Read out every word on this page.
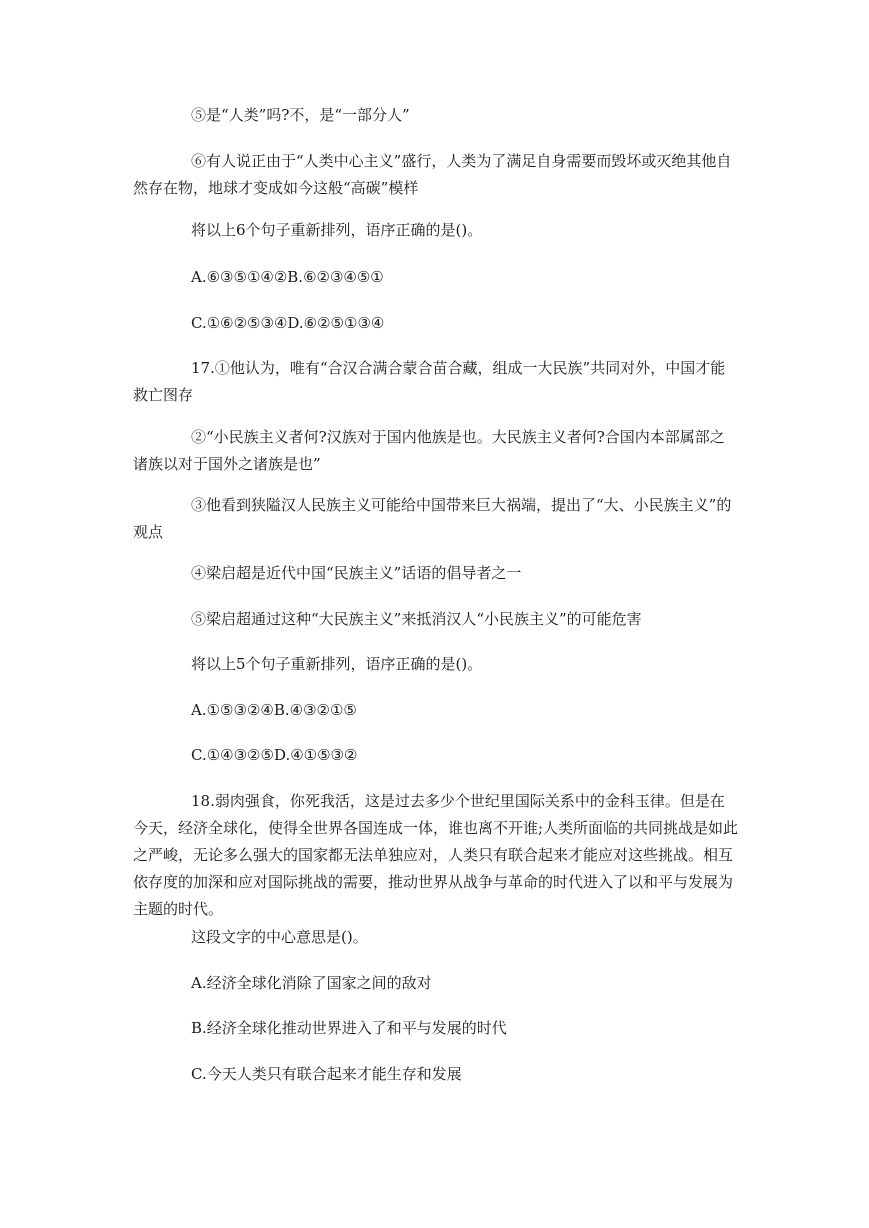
⑤是“人类”吗?不，是“一部分人”

⑥有人说正由于“人类中心主义”盛行，人类为了满足自身需要而毁坏或灭绝其他自然存在物，地球才变成如今这般“高碳”模样

将以上6个句子重新排列，语序正确的是()。

A.⑥③⑤①④②B.⑥②③④⑤①

C.①⑥②⑤③④D.⑥②⑤①③④

17.①他认为，唯有“合汉合满合蒙合苗合藏，组成一大民族”共同对外，中国才能救亡图存

②“小民族主义者何?汉族对于国内他族是也。大民族主义者何?合国内本部属部之诸族以对于国外之诸族是也”

③他看到狭隘汉人民族主义可能给中国带来巨大祸端，提出了“大、小民族主义”的观点

④梁启超是近代中国“民族主义”话语的倡导者之一

⑤梁启超通过这种“大民族主义”来抵消汉人“小民族主义”的可能危害

将以上5个句子重新排列，语序正确的是()。

A.①⑤③②④B.④③②①⑤

C.①④③②⑤D.④①⑤③②

18.弱肉强食，你死我活，这是过去多少个世纪里国际关系中的金科玉律。但是在今天，经济全球化，使得全世界各国连成一体，谁也离不开谁;人类所面临的共同挑战是如此之严峻，无论多么强大的国家都无法单独应对，人类只有联合起来才能应对这些挑战。相互依存度的加深和应对国际挑战的需要，推动世界从战争与革命的时代进入了以和平与发展为主题的时代。

这段文字的中心意思是()。

A.经济全球化消除了国家之间的敌对

B.经济全球化推动世界进入了和平与发展的时代

C.今天人类只有联合起来才能生存和发展
